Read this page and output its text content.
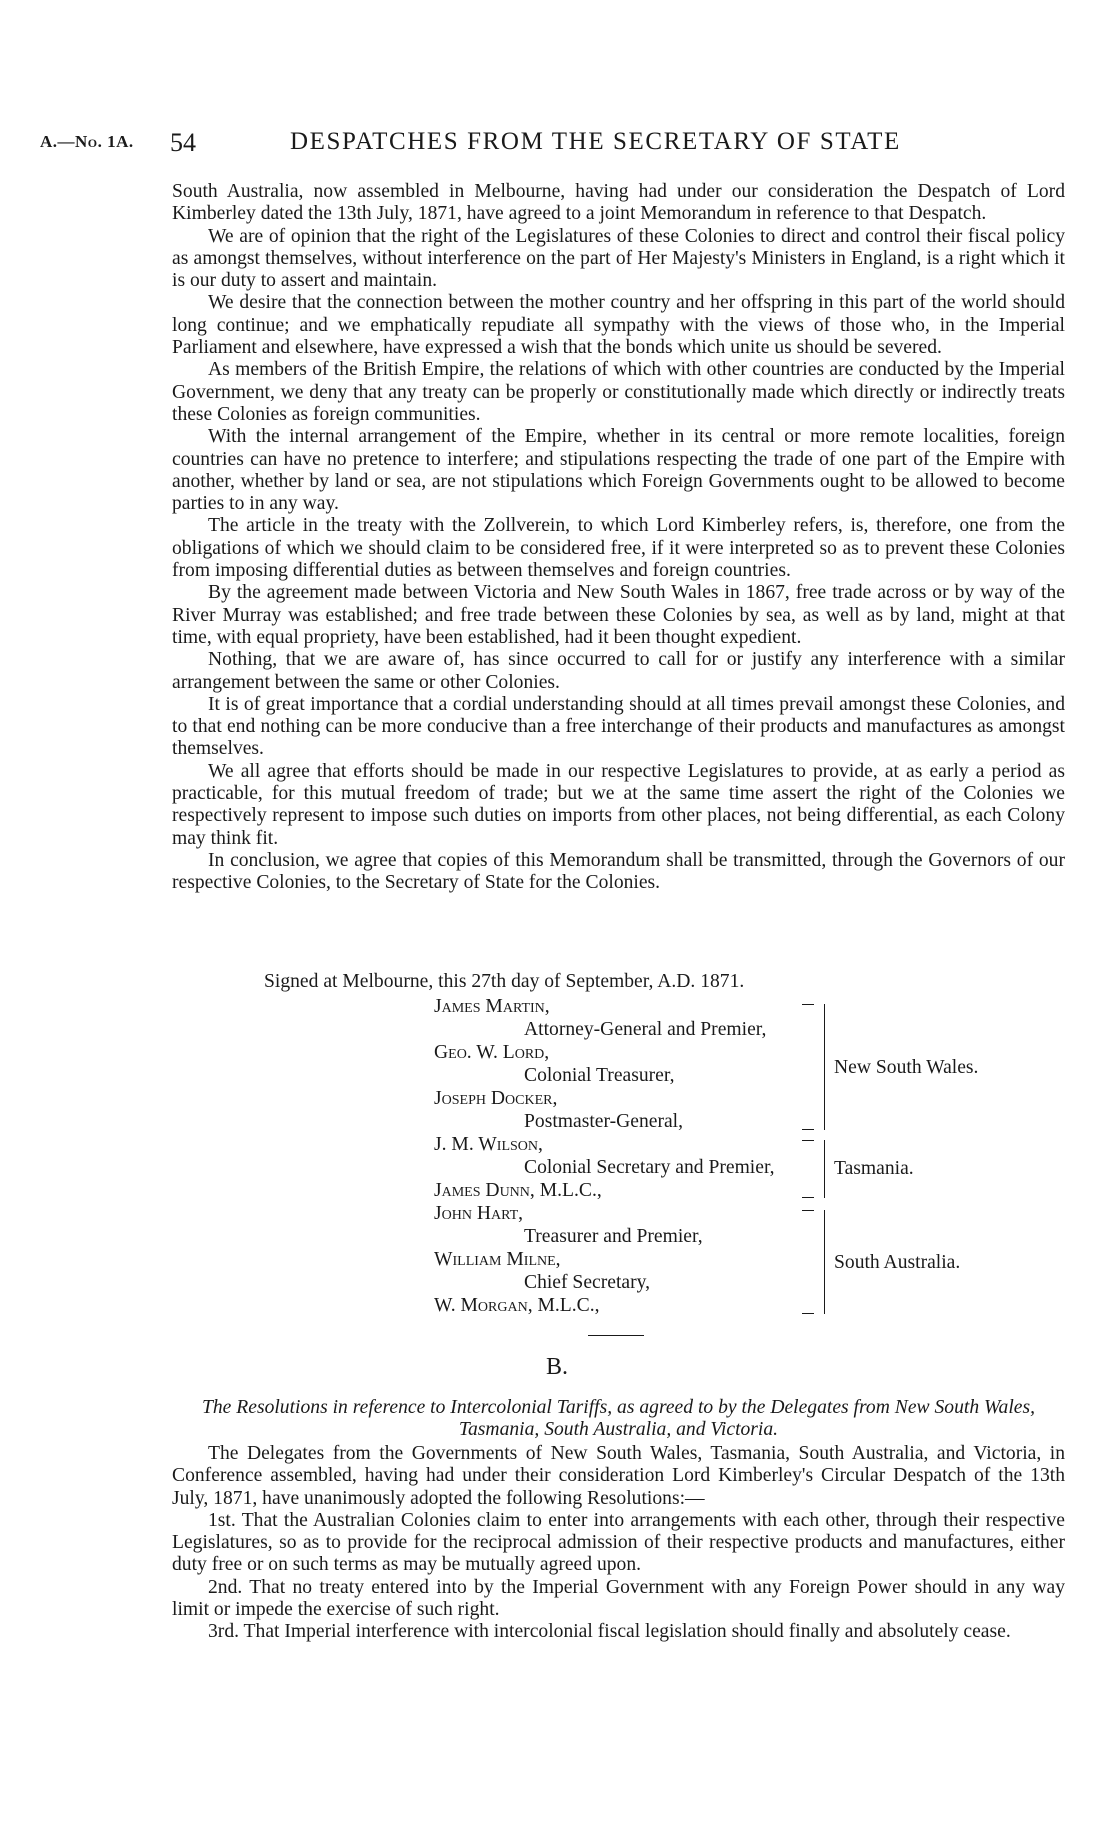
A.—No. 1A. 54	DESPATCHES FROM THE SECRETARY OF STATE

South Australia, now assembled in Melbourne, having had under our consideration the Despatch of Lord Kimberley dated the 13th July, 1871, have agreed to a joint Memorandum in reference to that Despatch.

We are of opinion that the right of the Legislatures of these Colonies to direct and control their fiscal policy as amongst themselves, without interference on the part of Her Majesty's Ministers in England, is a right which it is our duty to assert and maintain.

We desire that the connection between the mother country and her offspring in this part of the world should long continue; and we emphatically repudiate all sympathy with the views of those who, in the Imperial Parliament and elsewhere, have expressed a wish that the bonds which unite us should be severed.

As members of the British Empire, the relations of which with other countries are conducted by the Imperial Government, we deny that any treaty can be properly or constitutionally made which directly or indirectly treats these Colonies as foreign communities.

With the internal arrangement of the Empire, whether in its central or more remote localities, foreign countries can have no pretence to interfere; and stipulations respecting the trade of one part of the Empire with another, whether by land or sea, are not stipulations which Foreign Governments ought to be allowed to become parties to in any way.

The article in the treaty with the Zollverein, to which Lord Kimberley refers, is, therefore, one from the obligations of which we should claim to be considered free, if it were interpreted so as to prevent these Colonies from imposing differential duties as between themselves and foreign countries.

By the agreement made between Victoria and New South Wales in 1867, free trade across or by way of the River Murray was established; and free trade between these Colonies by sea, as well as by land, might at that time, with equal propriety, have been established, had it been thought expedient.

Nothing, that we are aware of, has since occurred to call for or justify any interference with a similar arrangement between the same or other Colonies.

It is of great importance that a cordial understanding should at all times prevail amongst these Colonies, and to that end nothing can be more conducive than a free interchange of their products and manufactures as amongst themselves.

We all agree that efforts should be made in our respective Legislatures to provide, at as early a period as practicable, for this mutual freedom of trade; but we at the same time assert the right of the Colonies we respectively represent to impose such duties on imports from other places, not being differential, as each Colony may think fit.

In conclusion, we agree that copies of this Memorandum shall be transmitted, through the Governors of our respective Colonies, to the Secretary of State for the Colonies.

Signed at Melbourne, this 27th day of September, A.D. 1871.
James Martin,
Attorney-General and Premier,
Geo. W. Lord,
Colonial Treasurer,
Joseph Docker,
Postmaster-General,
J. M. Wilson,
Colonial Secretary and Premier,
James Dunn, M.L.C.,
John Hart,
Treasurer and Premier,
William Milne,
Chief Secretary,
W. Morgan, M.L.C.,
New South Wales.
Tasmania.
South Australia.
B.
The Resolutions in reference to Intercolonial Tariffs, as agreed to by the Delegates from New South Wales, Tasmania, South Australia, and Victoria.

The Delegates from the Governments of New South Wales, Tasmania, South Australia, and Victoria, in Conference assembled, having had under their consideration Lord Kimberley's Circular Despatch of the 13th July, 1871, have unanimously adopted the following Resolutions:—

1st. That the Australian Colonies claim to enter into arrangements with each other, through their respective Legislatures, so as to provide for the reciprocal admission of their respective products and manufactures, either duty free or on such terms as may be mutually agreed upon.

2nd. That no treaty entered into by the Imperial Government with any Foreign Power should in any way limit or impede the exercise of such right.

3rd. That Imperial interference with intercolonial fiscal legislation should finally and absolutely cease.
